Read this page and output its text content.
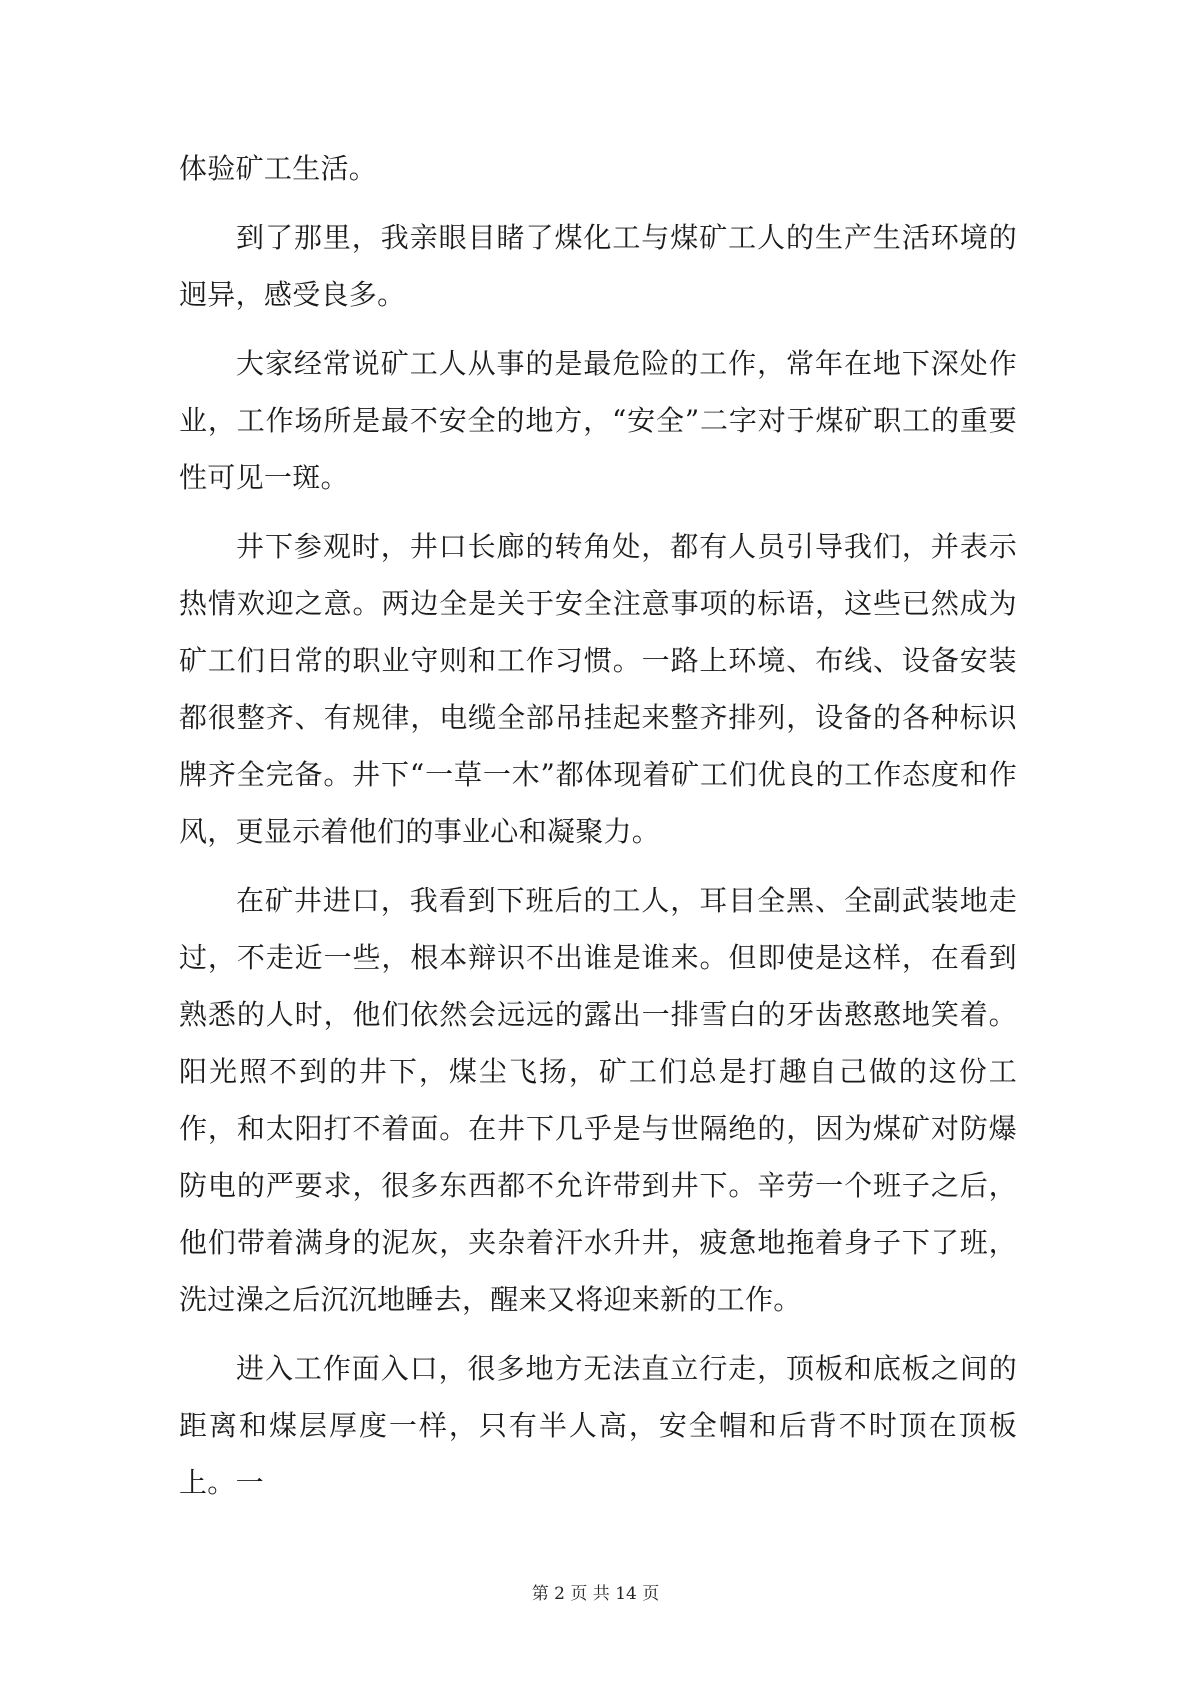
体验矿工生活。

到了那里，我亲眼目睹了煤化工与煤矿工人的生产生活环境的迥异，感受良多。

大家经常说矿工人从事的是最危险的工作，常年在地下深处作业，工作场所是最不安全的地方，“安全”二字对于煤矿职工的重要性可见一斑。

井下参观时，井口长廊的转角处，都有人员引导我们，并表示热情欢迎之意。两边全是关于安全注意事项的标语，这些已然成为矿工们日常的职业守则和工作习惯。一路上环境、布线、设备安装都很整齐、有规律，电缆全部吊挂起来整齐排列，设备的各种标识牌齐全完备。井下“一草一木”都体现着矿工们优良的工作态度和作风，更显示着他们的事业心和凝聚力。

在矿井进口，我看到下班后的工人，耳目全黑、全副武装地走过，不走近一些，根本辩识不出谁是谁来。但即使是这样，在看到熟悉的人时，他们依然会远远的露出一排雪白的牙齿憨憨地笑着。阳光照不到的井下，煤尘飞扬，矿工们总是打趣自己做的这份工作，和太阳打不着面。在井下几乎是与世隔绝的，因为煤矿对防爆防电的严要求，很多东西都不允许带到井下。辛劳一个班子之后，他们带着满身的泥灰，夹杂着汗水升井，疲惫地拖着身子下了班，洗过澡之后沉沉地睡去，醒来又将迎来新的工作。

进入工作面入口，很多地方无法直立行走，顶板和底板之间的距离和煤层厚度一样，只有半人高，安全帽和后背不时顶在顶板上。一

第 2 页 共 14 页
